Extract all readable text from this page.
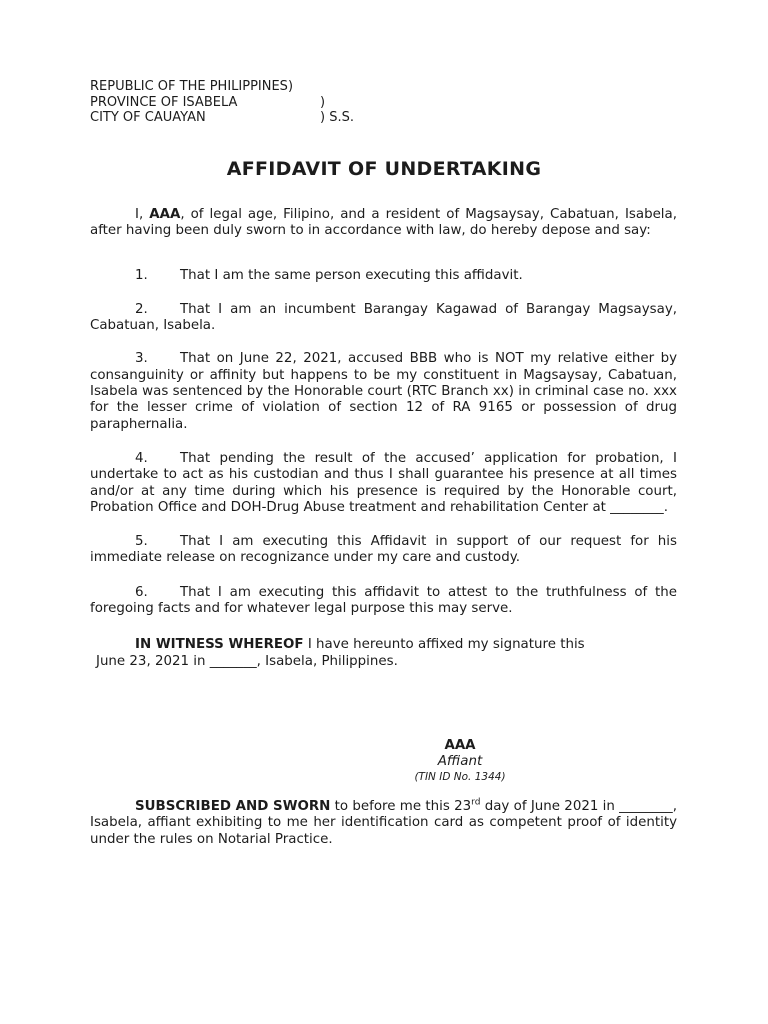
REPUBLIC OF THE PHILIPPINES)
PROVINCE OF ISABELA	)
CITY OF CAUAYAN	) S.S.
AFFIDAVIT OF UNDERTAKING

I, AAA, of legal age, Filipino, and a resident of Magsaysay, Cabatuan, Isabela, after having been duly sworn to in accordance with law, do hereby depose and say:

1. That I am the same person executing this affidavit.

2. That I am an incumbent Barangay Kagawad of Barangay Magsaysay, Cabatuan, Isabela.

3. That on June 22, 2021, accused BBB who is NOT my relative either by consanguinity or affinity but happens to be my constituent in Magsaysay, Cabatuan, Isabela was sentenced by the Honorable court (RTC Branch xx) in criminal case no. xxx for the lesser crime of violation of section 12 of RA 9165 or possession of drug paraphernalia.

4. That pending the result of the accused’ application for probation, I undertake to act as his custodian and thus I shall guarantee his presence at all times and/or at any time during which his presence is required by the Honorable court, Probation Office and DOH-Drug Abuse treatment and rehabilitation Center at ________.

5. That I am executing this Affidavit in support of our request for his immediate release on recognizance under my care and custody.

6. That I am executing this affidavit to attest to the truthfulness of the foregoing facts and for whatever legal purpose this may serve.

IN WITNESS WHEREOF I have hereunto affixed my signature this

June 23, 2021 in _______, Isabela, Philippines.

AAA
Affiant
(TIN ID No. 1344)

SUBSCRIBED AND SWORN to before me this 23rd day of June 2021 in ________, Isabela, affiant exhibiting to me her identification card as competent proof of identity under the rules on Notarial Practice.
